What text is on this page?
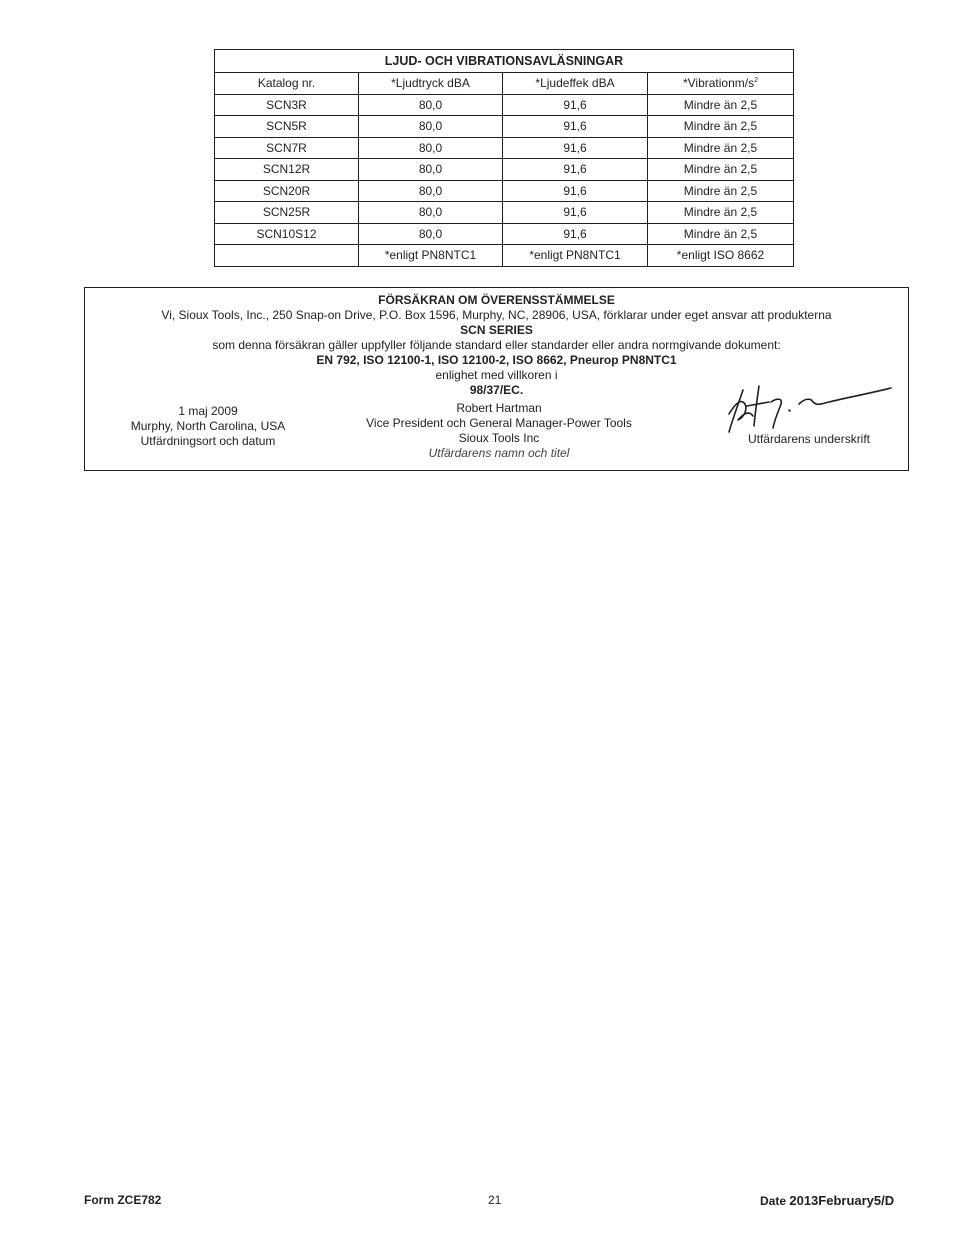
LJUD- OCH VIBRATIONSAVLÄSNINGAR			
Katalog nr.	*Ljudtryck dBA	*Ljudeffek dBA	$*Vibrationm/s^2$
SCN3R	80,0	91,6	Mindre än 2,5
SCN5R	80,0	91,6	Mindre än 2,5
SCN7R	80,0	91,6	Mindre än 2,5
SCN12R	80,0	91,6	Mindre än 2,5
SCN20R	80,0	91,6	Mindre än 2,5
SCN25R	80,0	91,6	Mindre än 2,5
SCN10S12	80,0	91,6	Mindre än 2,5
	*enligt PN8NTC1	*enligt PN8NTC1	*enligt ISO 8662
FÖRSÄKRAN OM ÖVERENSSTÄMMELSE
Vi, Sioux Tools, Inc., 250 Snap-on Drive, P.O. Box 1596, Murphy, NC, 28906, USA, förklarar under eget ansvar att produkterna
SCN SERIES
som denna försäkran gäller uppfyller följande standard eller standarder eller andra normgivande dokument:
EN 792, ISO 12100-1, ISO 12100-2, ISO 8662, Pneurop PN8NTC1
enlighet med villkoren i
98/37/EC.
1 maj 2009
Murphy, North Carolina, USA
Utfärdningsort och datum
Robert Hartman
Vice President och General Manager-Power Tools
Sioux Tools Inc
Utfärdarens namn och titel
Utfärdarens underskrift
Form ZCE782	21	Date 2013February5/D
